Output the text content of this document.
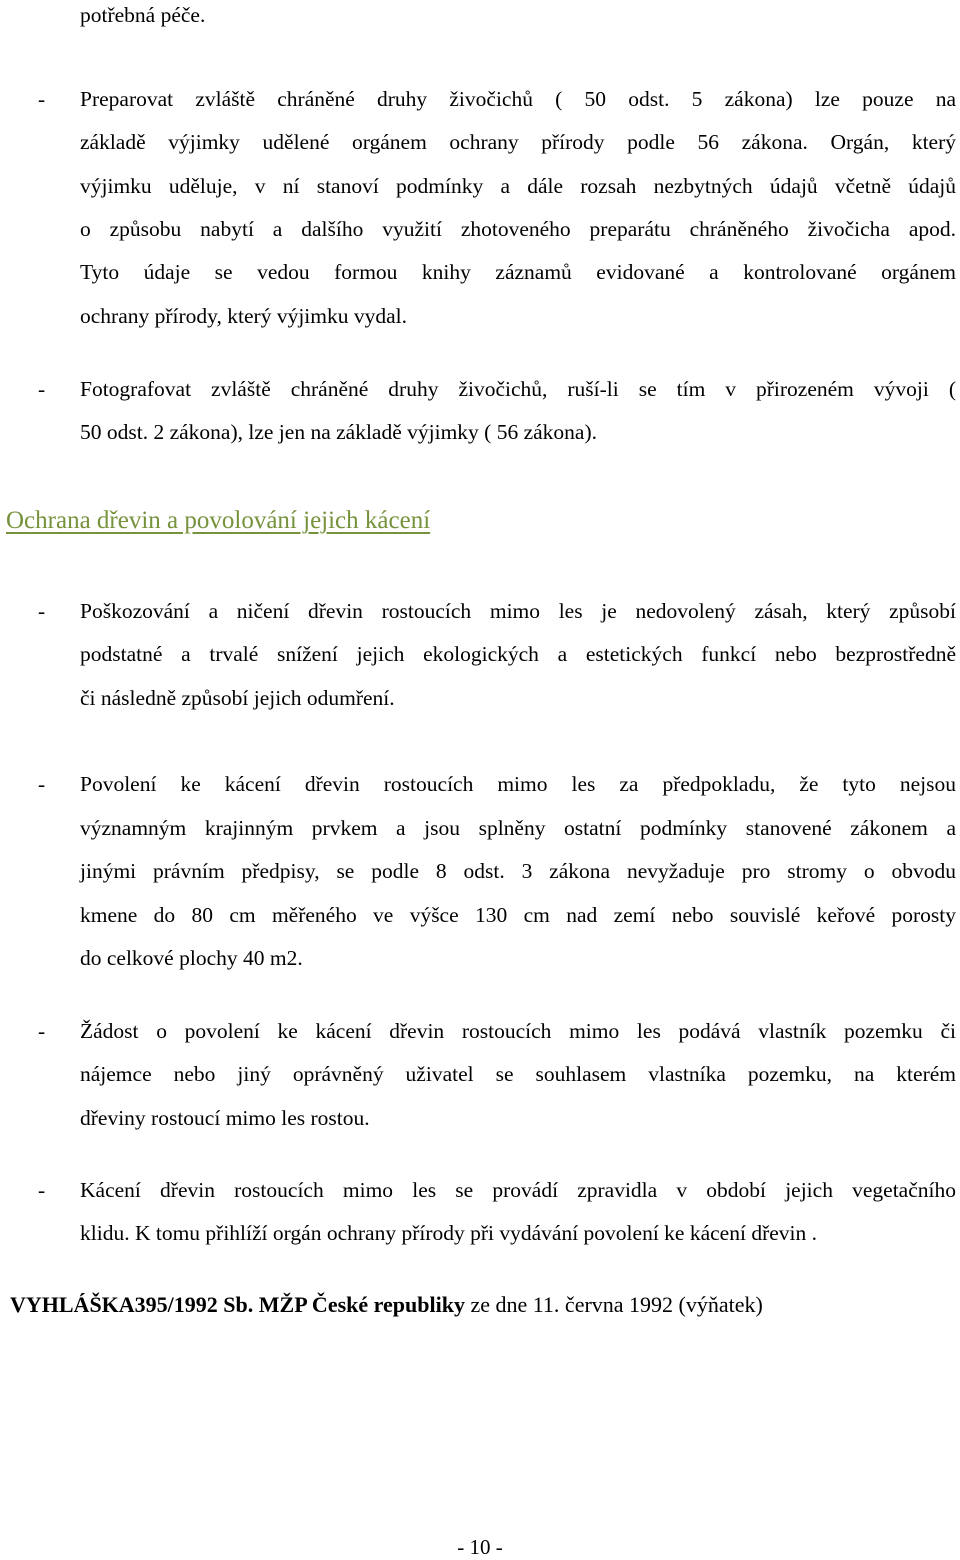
potřebná péče.
- Preparovat zvláště chráněné druhy živočichů ( 50 odst. 5 zákona) lze pouze na
základě výjimky udělené orgánem ochrany přírody podle 56 zákona. Orgán, který
výjimku uděluje, v ní stanoví podmínky a dále rozsah nezbytných údajů včetně údajů
o způsobu nabytí a dalšího využití zhotoveného preparátu chráněného živočicha apod.
Tyto údaje se vedou formou knihy záznamů evidované a kontrolované orgánem
ochrany přírody, který výjimku vydal.
- Fotografovat zvláště chráněné druhy živočichů, ruší-li se tím v přirozeném vývoji (
50 odst. 2 zákona), lze jen na základě výjimky ( 56 zákona).
Ochrana dřevin a povolování jejich kácení
- Poškozování a ničení dřevin rostoucích mimo les je nedovolený zásah, který způsobí
podstatné a trvalé snížení jejich ekologických a estetických funkcí nebo bezprostředně
či následně způsobí jejich odumření.
- Povolení ke kácení dřevin rostoucích mimo les za předpokladu, že tyto nejsou
významným krajinným prvkem a jsou splněny ostatní podmínky stanovené zákonem a
jinými právním předpisy, se podle 8 odst. 3 zákona nevyžaduje pro stromy o obvodu
kmene do 80 cm měřeného ve výšce 130 cm nad zemí nebo souvislé keřové porosty
do celkové plochy 40 m2.
- Žádost o povolení ke kácení dřevin rostoucích mimo les podává vlastník pozemku či
nájemce nebo jiný oprávněný uživatel se souhlasem vlastníka pozemku, na kterém
dřeviny rostoucí mimo les rostou.
- Kácení dřevin rostoucích mimo les se provádí zpravidla v období jejich vegetačního
klidu. K tomu přihlíží orgán ochrany přírody při vydávání povolení ke kácení dřevin .
VYHLÁŠKA395/1992 Sb. MŽP České republiky ze dne 11. června 1992 (výňatek)
- 10 -
